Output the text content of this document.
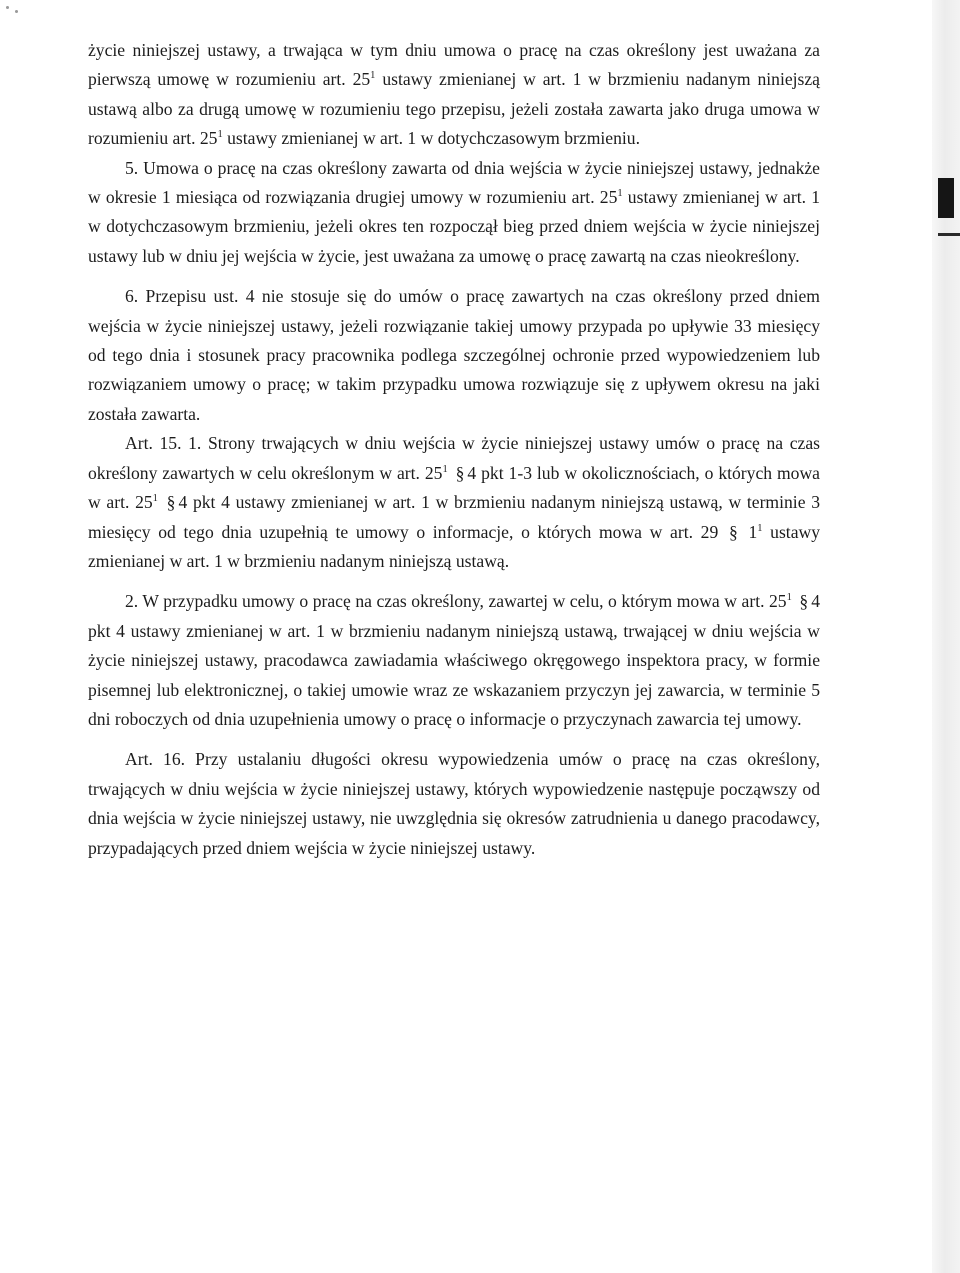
życie niniejszej ustawy, a trwająca w tym dniu umowa o pracę na czas określony jest uważana za pierwszą umowę w rozumieniu art. $25^1$ ustawy zmienianej w art. 1 w brzmieniu nadanym niniejszą ustawą albo za drugą umowę w rozumieniu tego przepisu, jeżeli została zawarta jako druga umowa w rozumieniu art. $25^1$ ustawy zmienianej w art. 1 w dotychczasowym brzmieniu.

5. Umowa o pracę na czas określony zawarta od dnia wejścia w życie niniejszej ustawy, jednakże w okresie 1 miesiąca od rozwiązania drugiej umowy w rozumieniu art. $25^1$ ustawy zmienianej w art. 1 w dotychczasowym brzmieniu, jeżeli okres ten rozpoczął bieg przed dniem wejścia w życie niniejszej ustawy lub w dniu jej wejścia w życie, jest uważana za umowę o pracę zawartą na czas nieokreślony.

6. Przepisu ust. 4 nie stosuje się do umów o pracę zawartych na czas określony przed dniem wejścia w życie niniejszej ustawy, jeżeli rozwiązanie takiej umowy przypada po upływie 33 miesięcy od tego dnia i stosunek pracy pracownika podlega szczególnej ochronie przed wypowiedzeniem lub rozwiązaniem umowy o pracę; w takim przypadku umowa rozwiązuje się z upływem okresu na jaki została zawarta.

Art. 15. 1. Strony trwających w dniu wejścia w życie niniejszej ustawy umów o pracę na czas określony zawartych w celu określonym w art. $25^1$ § 4 pkt 1-3 lub w okolicznościach, o których mowa w art. $25^1$ § 4 pkt 4 ustawy zmienianej w art. 1 w brzmieniu nadanym niniejszą ustawą, w terminie 3 miesięcy od tego dnia uzupełnią te umowy o informacje, o których mowa w art. 29 § $1^1$ ustawy zmienianej w art. 1 w brzmieniu nadanym niniejszą ustawą.

2. W przypadku umowy o pracę na czas określony, zawartej w celu, o którym mowa w art. $25^1$ § 4 pkt 4 ustawy zmienianej w art. 1 w brzmieniu nadanym niniejszą ustawą, trwającej w dniu wejścia w życie niniejszej ustawy, pracodawca zawiadamia właściwego okręgowego inspektora pracy, w formie pisemnej lub elektronicznej, o takiej umowie wraz ze wskazaniem przyczyn jej zawarcia, w terminie 5 dni roboczych od dnia uzupełnienia umowy o pracę o informacje o przyczynach zawarcia tej umowy.

Art. 16. Przy ustalaniu długości okresu wypowiedzenia umów o pracę na czas określony, trwających w dniu wejścia w życie niniejszej ustawy, których wypowiedzenie następuje począwszy od dnia wejścia w życie niniejszej ustawy, nie uwzględnia się okresów zatrudnienia u danego pracodawcy, przypadających przed dniem wejścia w życie niniejszej ustawy.
